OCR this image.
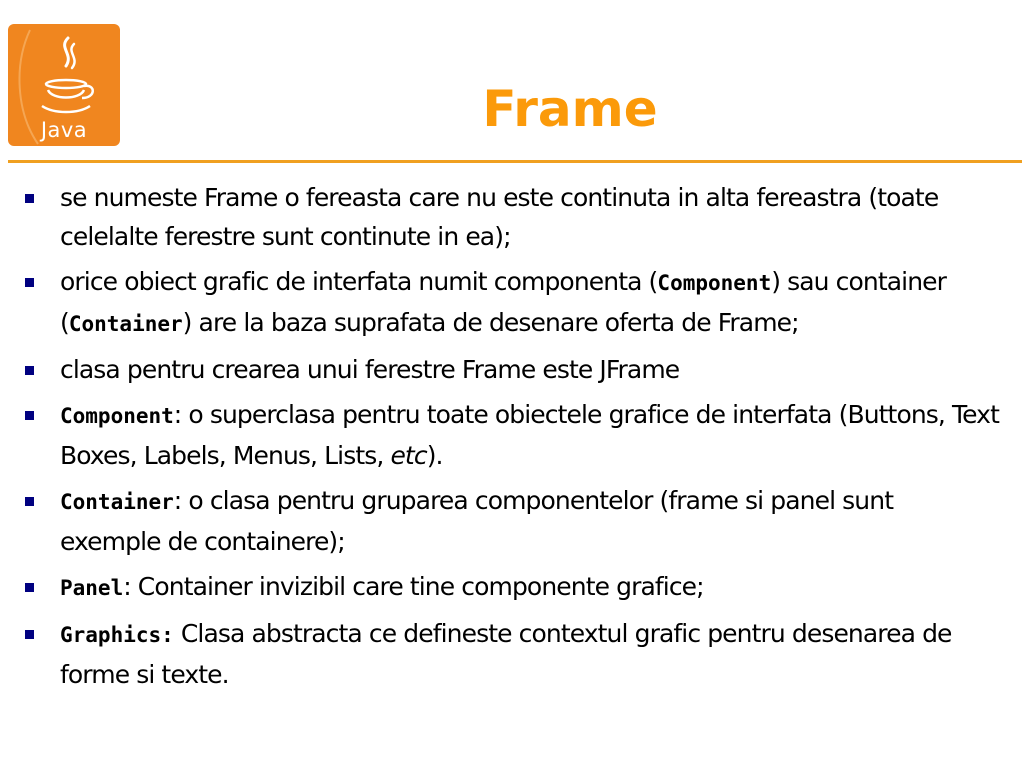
Java	Frame
se numeste Frame o fereasta care nu este continuta in alta fereastra (toate celelalte ferestre sunt continute in ea);
orice obiect grafic de interfata numit componenta (Component) sau container (Container) are la baza suprafata de desenare oferta de Frame;
clasa pentru crearea unui ferestre Frame este JFrame
Component: o superclasa pentru toate obiectele grafice de interfata (Buttons, Text Boxes, Labels, Menus, Lists, etc).
Container: o clasa pentru gruparea componentelor (frame si panel sunt exemple de containere);
Panel: Container invizibil care tine componente grafice;
Graphics: Clasa abstracta ce defineste contextul grafic pentru desenarea de forme si texte.
